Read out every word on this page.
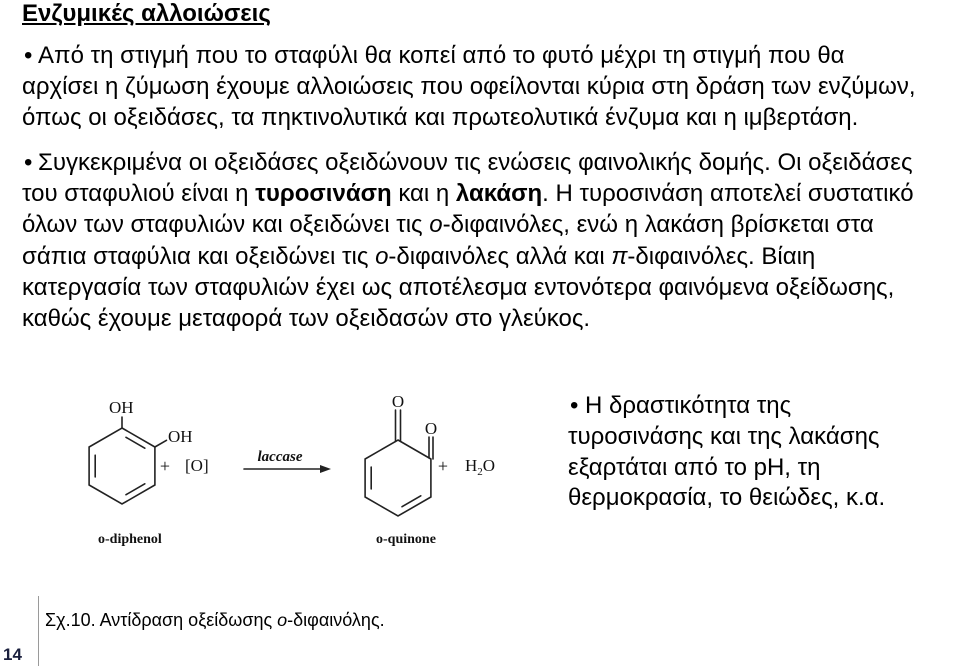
Ενζυμικές αλλοιώσεις
• Από τη στιγμή που το σταφύλι θα κοπεί από το φυτό μέχρι τη στιγμή που θα
αρχίσει η ζύμωση έχουμε αλλοιώσεις που οφείλονται κύρια στη δράση των ενζύμων,
όπως οι οξειδάσες, τα πηκτινολυτικά και πρωτεολυτικά ένζυμα και η ιμβερτάση.
• Συγκεκριμένα οι οξειδάσες οξειδώνουν τις ενώσεις φαινολικής δομής. Οι οξειδάσες
του σταφυλιού είναι η τυροσινάση και η λακάση. Η τυροσινάση αποτελεί συστατικό
όλων των σταφυλιών και οξειδώνει τις ο-διφαινόλες, ενώ η λακάση βρίσκεται στα
σάπια σταφύλια και οξειδώνει τις ο-διφαινόλες αλλά και π-διφαινόλες. Βίαιη
κατεργασία των σταφυλιών έχει ως αποτέλεσμα εντονότερα φαινόμενα οξείδωσης,
καθώς έχουμε μεταφορά των οξειδασών στο γλεύκος.
OH
OH
+ [O]	laccase
O
O
+ $H_2O$
o-diphenol	o-quinone
• Η δραστικότητα της
τυροσινάσης και της λακάσης
εξαρτάται από το pH, τη
θερμοκρασία, το θειώδες, κ.α.
Σχ.10. Αντίδραση οξείδωσης ο-διφαινόλης.
14
